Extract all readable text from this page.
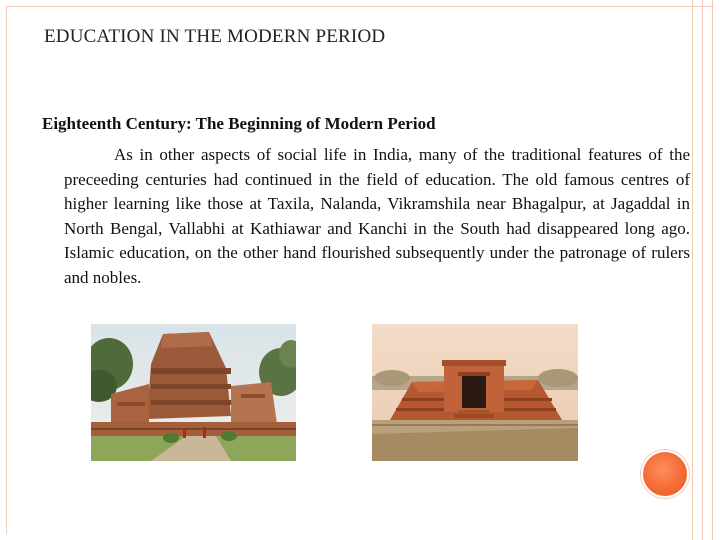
EDUCATION IN THE MODERN PERIOD
Eighteenth Century: The Beginning of Modern Period

As in other aspects of social life in India, many of the traditional features of the preceeding centuries had continued in the field of education. The old famous centres of higher learning like those at Taxila, Nalanda, Vikramshila near Bhagalpur, at Jagaddal in North Bengal, Vallabhi at Kathiawar and Kanchi in the South had disappeared long ago. Islamic education, on the other hand flourished subsequently under the patronage of rulers and nobles.
